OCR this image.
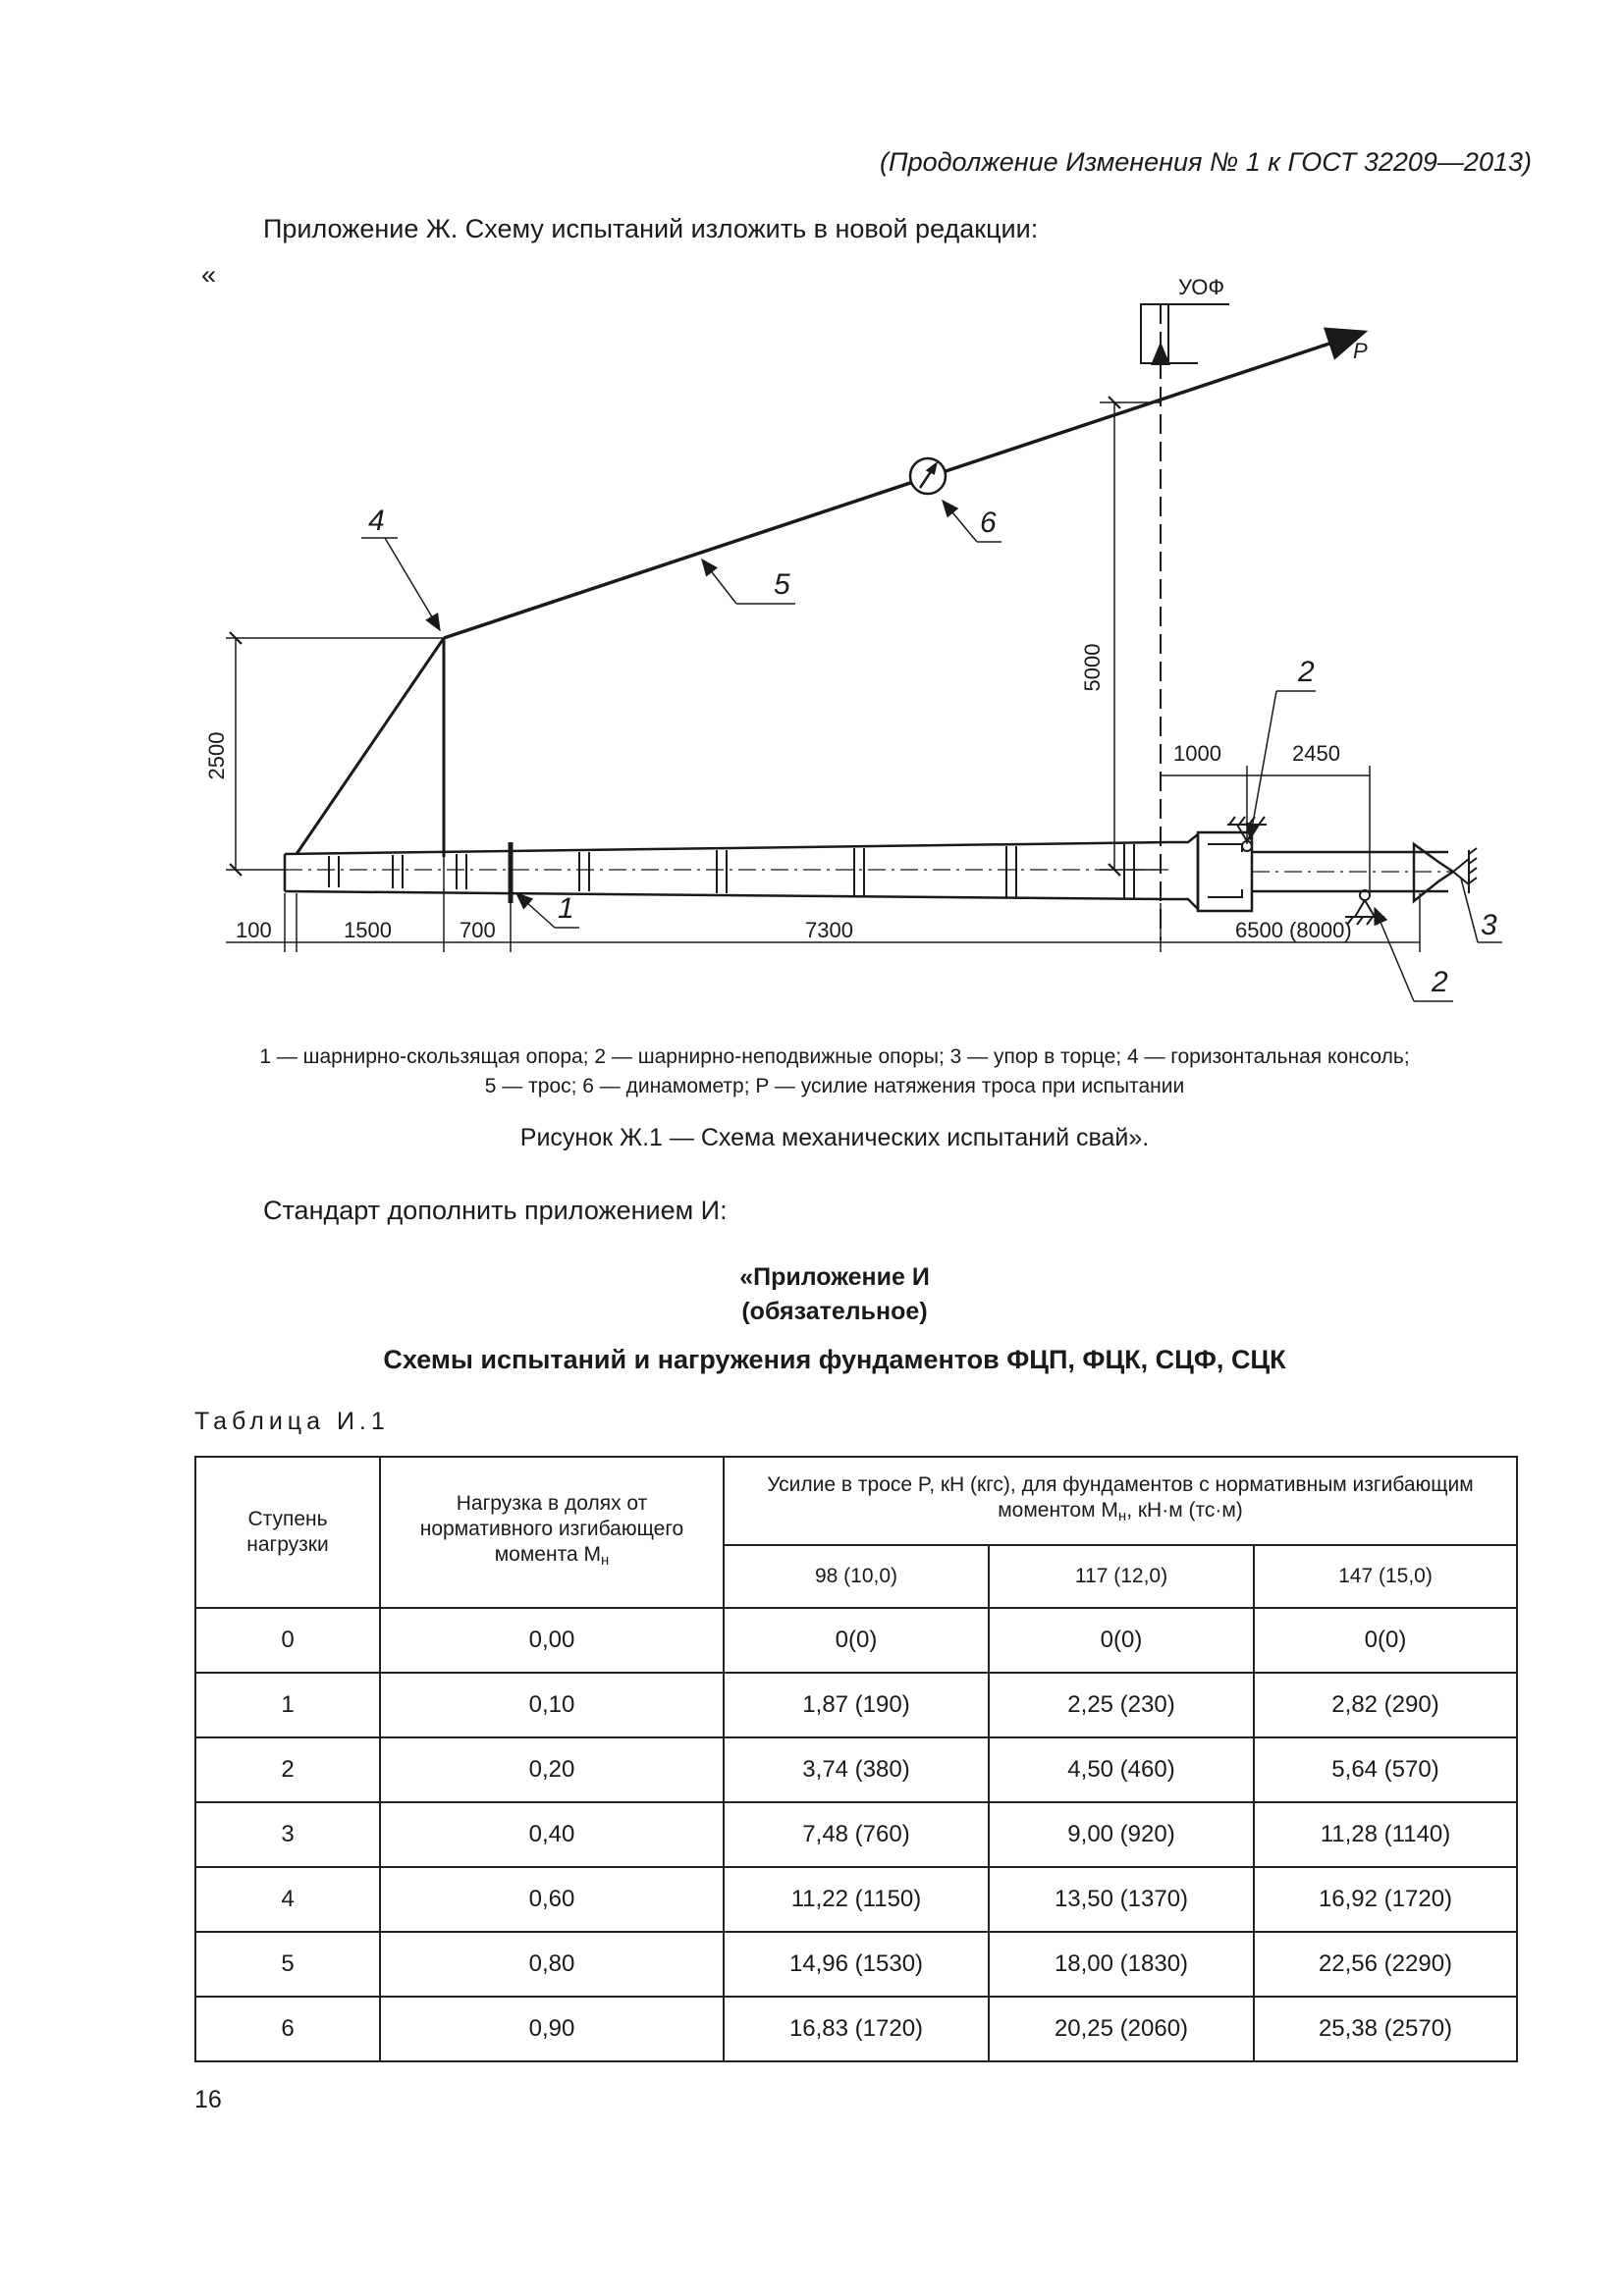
(Продолжение Изменения № 1 к ГОСТ 32209—2013)
Приложение Ж. Схему испытаний изложить в новой редакции:
«	УОФ
P
5000
2500	1000	2450
100	1500	700	7300	6500 (8000)
4
5
6
1
2
2
3
1 — шарнирно-скользящая опора; 2 — шарнирно-неподвижные опоры; 3 — упор в торце; 4 — горизонтальная консоль;
5 — трос; 6 — динамометр; P — усилие натяжения троса при испытании
Рисунок Ж.1 — Схема механических испытаний свай».
Стандарт дополнить приложением И:
«Приложение И
(обязательное)
Схемы испытаний и нагружения фундаментов ФЦП, ФЦК, СЦФ, СЦК
Таблица И.1
Ступень нагрузки	Нагрузка в долях от нормативного изгибающего момента $M_н$	Усилие в тросе P, кН (кгс), для фундаментов с нормативным изгибающим моментом $M_н$, кН·м (тс·м)		
		98 (10,0)	117 (12,0)	147 (15,0)
0	0,00	0(0)	0(0)	0(0)
1	0,10	1,87 (190)	2,25 (230)	2,82 (290)
2	0,20	3,74 (380)	4,50 (460)	5,64 (570)
3	0,40	7,48 (760)	9,00 (920)	11,28 (1140)
4	0,60	11,22 (1150)	13,50 (1370)	16,92 (1720)
5	0,80	14,96 (1530)	18,00 (1830)	22,56 (2290)
6	0,90	16,83 (1720)	20,25 (2060)	25,38 (2570)
16
